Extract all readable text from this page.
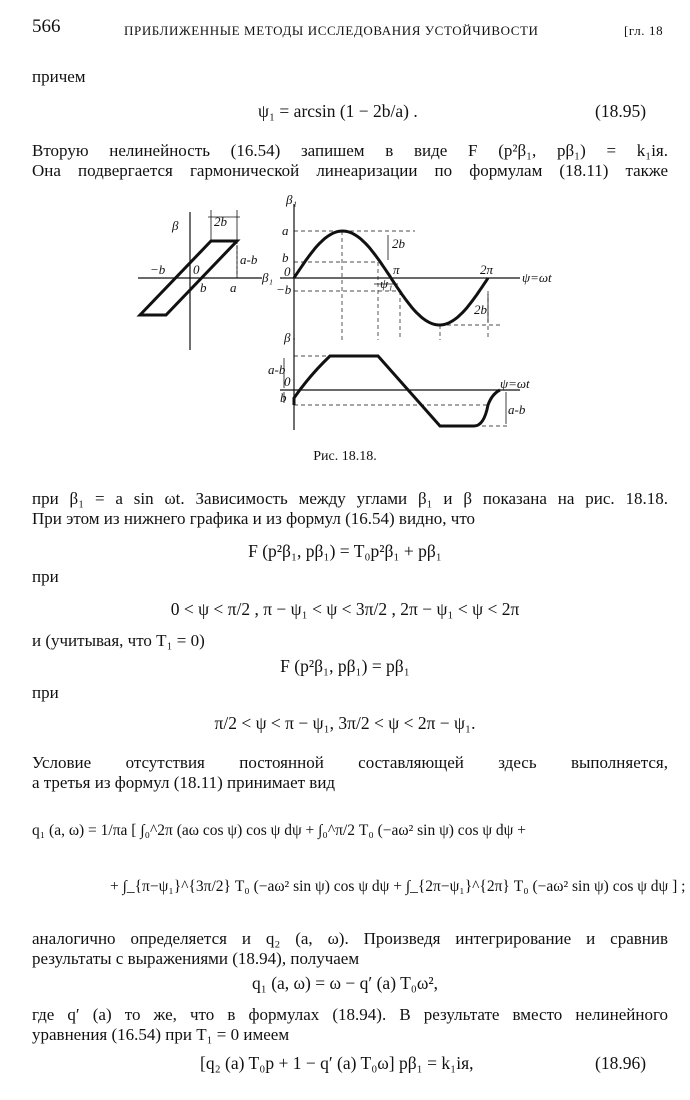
566	ПРИБЛИЖЕННЫЕ МЕТОДЫ ИССЛЕДОВАНИЯ УСТОЙЧИВОСТИ	[гл. 18
причем
ψ₁ = arcsin (1 − 2b/a) .	(18.95)
Вторую нелинейность (16.54) запишем в виде F (p²β₁, pβ₁) = k₁iя.
Она подвергается гармонической линеаризации по формулам (18.11) также
β	2b
−b 0
b a
a-b
β₁
β₁
a
b
0
−b
2b
π
ψ₁
2π
2b
ψ=ωt
β
a-b
0
b
ψ=ωt
a-b
Рис. 18.18.
при β₁ = a sin ωt. Зависимость между углами β₁ и β показана на рис. 18.18.
При этом из нижнего графика и из формул (16.54) видно, что
F (p²β₁, pβ₁) = T₀p²β₁ + pβ₁
при
0 < ψ < π/2 , π − ψ₁ < ψ < 3π/2 , 2π − ψ₁ < ψ < 2π
и (учитывая, что T₁ = 0)
F (p²β₁, pβ₁) = pβ₁
при
π/2 < ψ < π − ψ₁, 3π/2 < ψ < 2π − ψ₁.
Условие отсутствия постоянной составляющей здесь выполняется,
а третья из формул (18.11) принимает вид
q₁ (a, ω) = 1/πa [ ∫₀^2π (aω cos ψ) cos ψ dψ + ∫₀^π/2 T₀ (−aω² sin ψ) cos ψ dψ +
+ ∫_{π−ψ₁}^{3π/2} T₀ (−aω² sin ψ) cos ψ dψ + ∫_{2π−ψ₁}^{2π} T₀ (−aω² sin ψ) cos ψ dψ ] ;
аналогично определяется и q₂ (a, ω). Произведя интегрирование и сравнив
результаты с выражениями (18.94), получаем
q₁ (a, ω) = ω − q′ (a) T₀ω²,
где q′ (a) то же, что в формулах (18.94). В результате вместо нелинейного
уравнения (16.54) при T₁ = 0 имеем
[q₂ (a) T₀p + 1 − q′ (a) T₀ω] pβ₁ = k₁iя,	(18.96)
